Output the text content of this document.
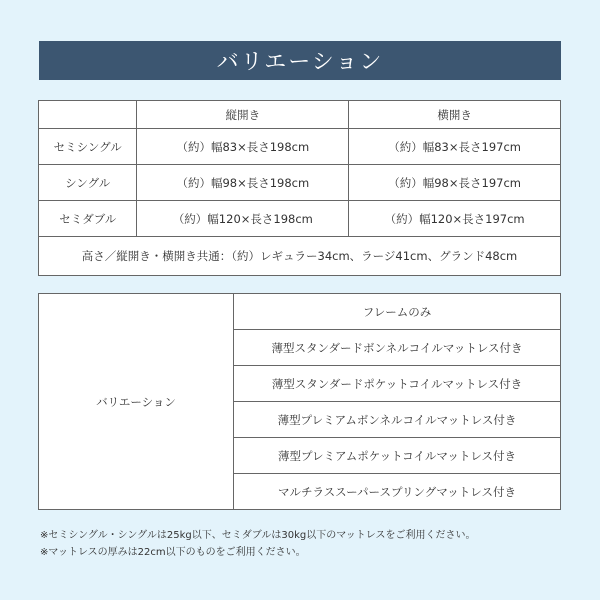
バリエーション
	縦開き	横開き
セミシングル	（約）幅83×長さ198cm	（約）幅83×長さ197cm
シングル	（約）幅98×長さ198cm	（約）幅98×長さ197cm
セミダブル	（約）幅120×長さ198cm	（約）幅120×長さ197cm
高さ／縦開き・横開き共通：（約）レギュラー34cm、ラージ41cm、グランド48cm		
バリエーション	フレームのみ
薄型スタンダードボンネルコイルマットレス付き
薄型スタンダードポケットコイルマットレス付き
薄型プレミアムボンネルコイルマットレス付き
薄型プレミアムポケットコイルマットレス付き
マルチラススーパースプリングマットレス付き
※セミシングル・シングルは25kg以下、セミダブルは30kg以下のマットレスをご利用ください。
※マットレスの厚みは22cm以下のものをご利用ください。
